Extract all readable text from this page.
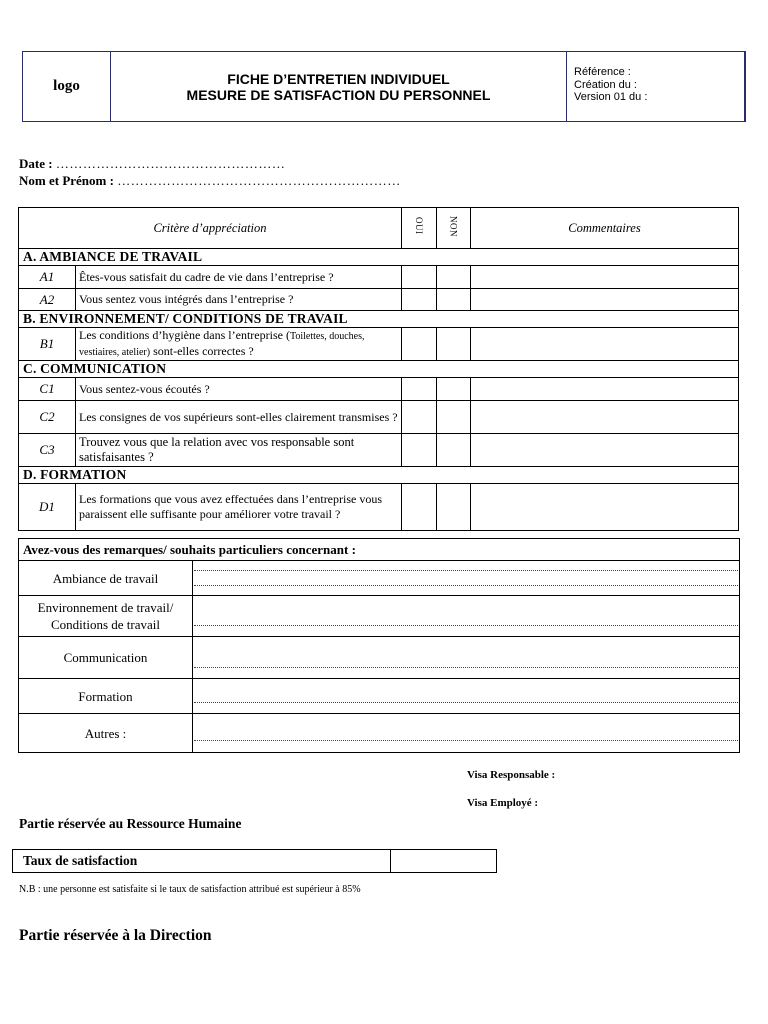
logo	FICHE D’ENTRETIEN INDIVIDUEL
MESURE DE SATISFACTION DU PERSONNEL
Référence :
Création du :
Version 01 du :
Date : ……………………………………………
Nom et Prénom : ………………………………………………………
Critère d’appréciation		OUI	NON	Commentaires
A. AMBIANCE DE TRAVAIL				
A1	Êtes-vous satisfait du cadre de vie dans l’entreprise ?			
A2	Vous sentez vous intégrés dans l’entreprise ?			
B. ENVIRONNEMENT/ CONDITIONS DE TRAVAIL				
B1	Les conditions d’hygiène dans l’entreprise (Toilettes, douches, vestiaires, atelier) sont-elles correctes ?			
C. COMMUNICATION				
C1	Vous sentez-vous écoutés ?			
C2	Les consignes de vos supérieurs sont-elles clairement transmises ?			
C3	Trouvez vous que la relation avec vos responsable sont satisfaisantes ?			
D. FORMATION				
D1	Les formations que vous avez effectuées dans l’entreprise vous paraissent elle suffisante pour améliorer votre travail ?			
Avez-vous des remarques/ souhaits particuliers concernant :	
Ambiance de travail	

Environnement de travail/ Conditions de travail	

Communication	

Formation	

Autres :	
Visa Responsable :
Visa Employé :
Partie réservée au Ressource Humaine
Taux de satisfaction	
N.B : une personne est satisfaite si le taux de satisfaction attribué est supérieur à 85%
Partie réservée à la Direction
